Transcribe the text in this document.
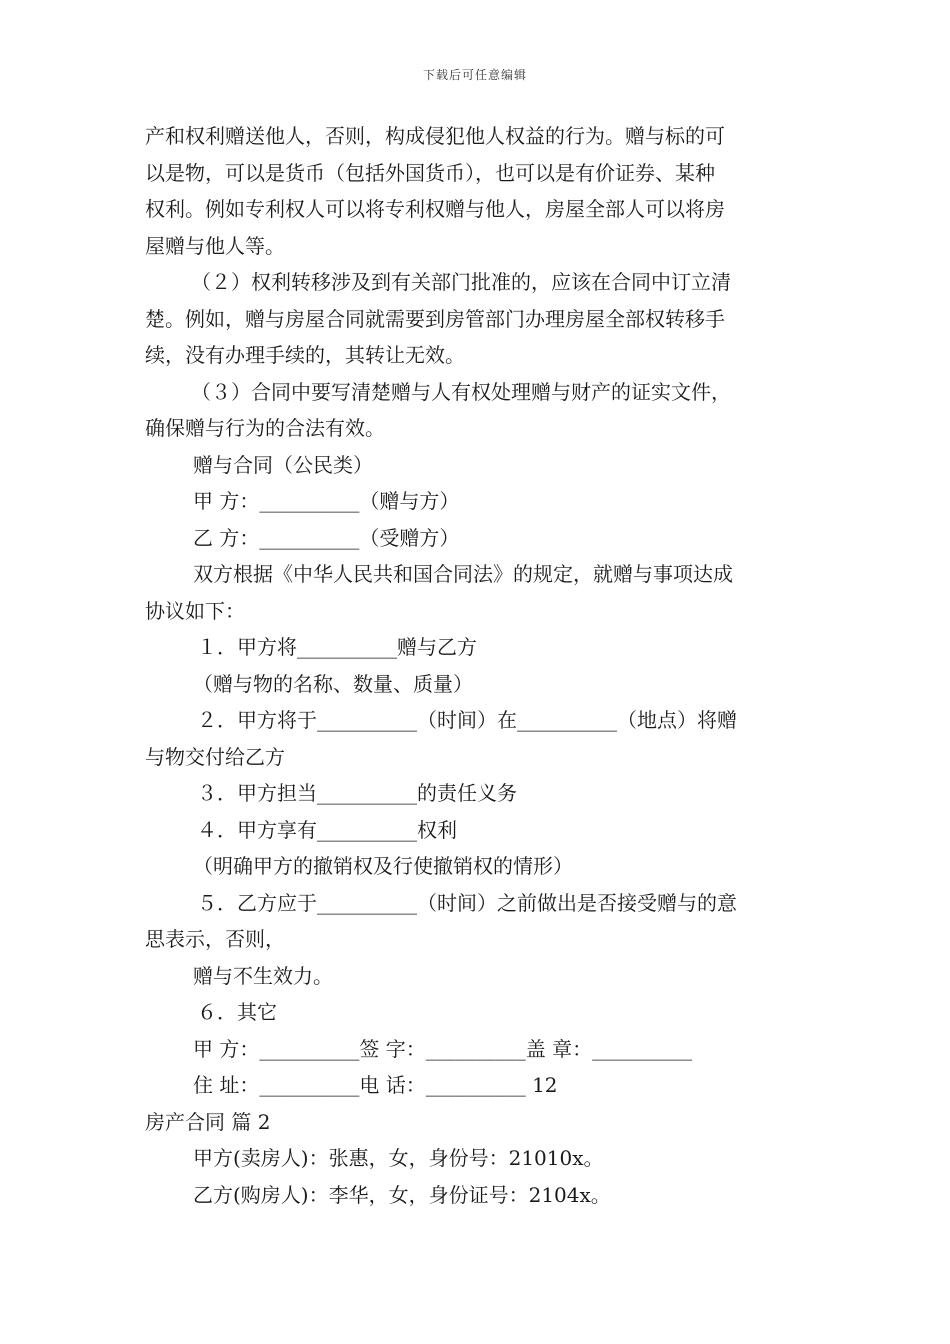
下载后可任意编辑
产和权利赠送他人，否则，构成侵犯他人权益的行为。赠与标的可
以是物，可以是货币（包括外国货币），也可以是有价证券、某种
权利。例如专利权人可以将专利权赠与他人，房屋全部人可以将房
屋赠与他人等。
（２）权利转移涉及到有关部门批准的，应该在合同中订立清
楚。例如，赠与房屋合同就需要到房管部门办理房屋全部权转移手
续，没有办理手续的，其转让无效。
（３）合同中要写清楚赠与人有权处理赠与财产的证实文件，
确保赠与行为的合法有效。
赠与合同（公民类）
甲 方：__________（赠与方）
乙 方：__________（受赠方）
双方根据《中华人民共和国合同法》的规定，就赠与事项达成
协议如下：
１．甲方将__________赠与乙方
（赠与物的名称、数量、质量）
２．甲方将于__________（时间）在__________（地点）将赠
与物交付给乙方
３．甲方担当__________的责任义务
４．甲方享有__________权利
（明确甲方的撤销权及行使撤销权的情形）
５．乙方应于__________（时间）之前做出是否接受赠与的意
思表示，否则，
赠与不生效力。
６．其它
甲 方：__________签 字：__________盖 章：__________
住 址：__________电 话：__________ 12
房产合同 篇 2
甲方(卖房人)：张惠，女，身份号：21010x。
乙方(购房人)：李华，女，身份证号：2104x。
